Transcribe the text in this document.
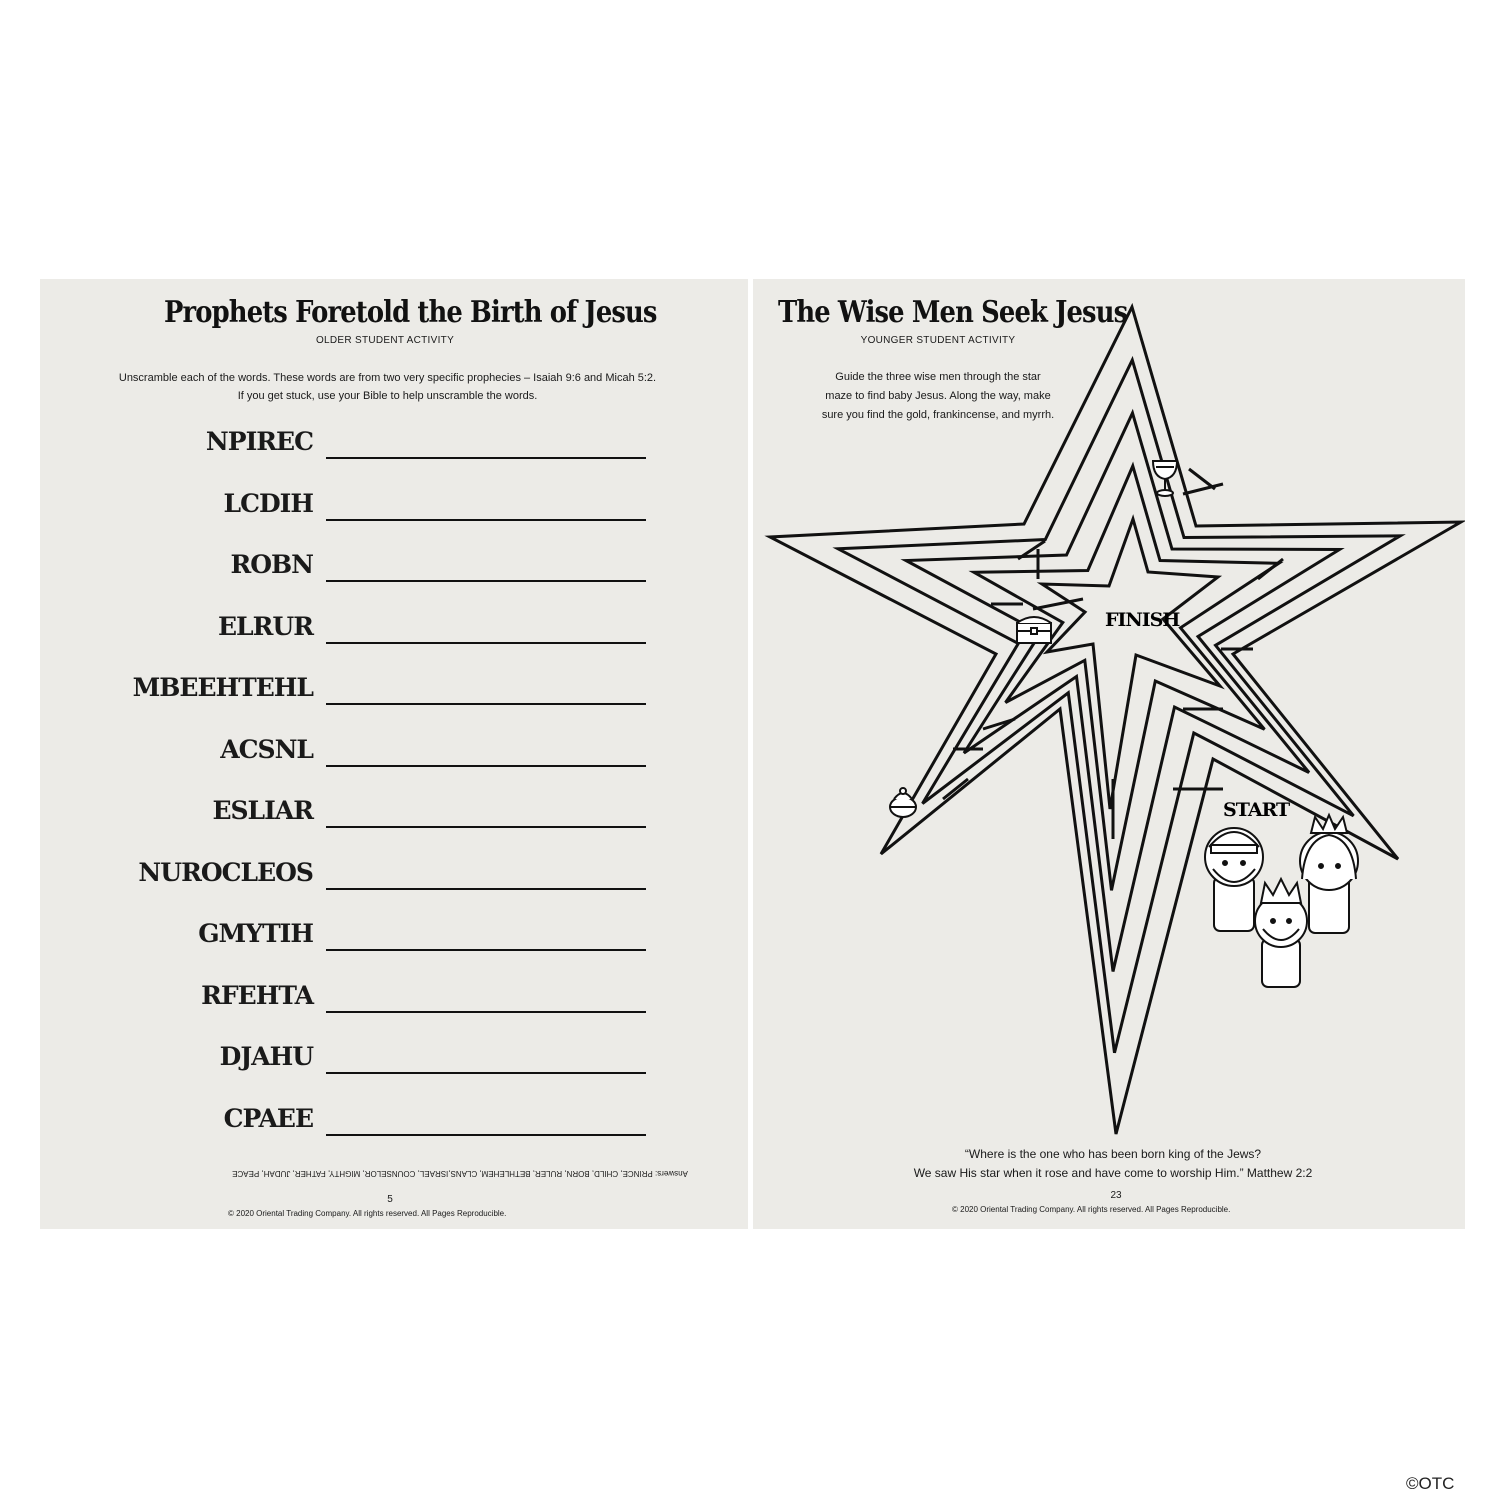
Prophets Foretold the Birth of Jesus
OLDER STUDENT ACTIVITY
Unscramble each of the words. These words are from two very specific prophecies – Isaiah 9:6 and Micah 5:2.
If you get stuck, use your Bible to help unscramble the words.
NPIREC
LCDIH
ROBN
ELRUR
MBEEHTEHL
ACSNL
ESLIAR
NUROCLEOS
GMYTIH
RFEHTA
DJAHU
CPAEE
Answers: PRINCE, CHILD, BORN, RULER, BETHLEHEM, CLANS,ISRAEL, COUNSELOR, MIGHTY, FATHER, JUDAH, PEACE
5
© 2020 Oriental Trading Company. All rights reserved. All Pages Reproducible.
FINISH
START
The Wise Men Seek Jesus
YOUNGER STUDENT ACTIVITY
Guide the three wise men through the star
maze to find baby Jesus. Along the way, make
sure you find the gold, frankincense, and myrrh.
“Where is the one who has been born king of the Jews?
We saw His star when it rose and have come to worship Him.” Matthew 2:2
23
© 2020 Oriental Trading Company. All rights reserved. All Pages Reproducible.
©OTC
